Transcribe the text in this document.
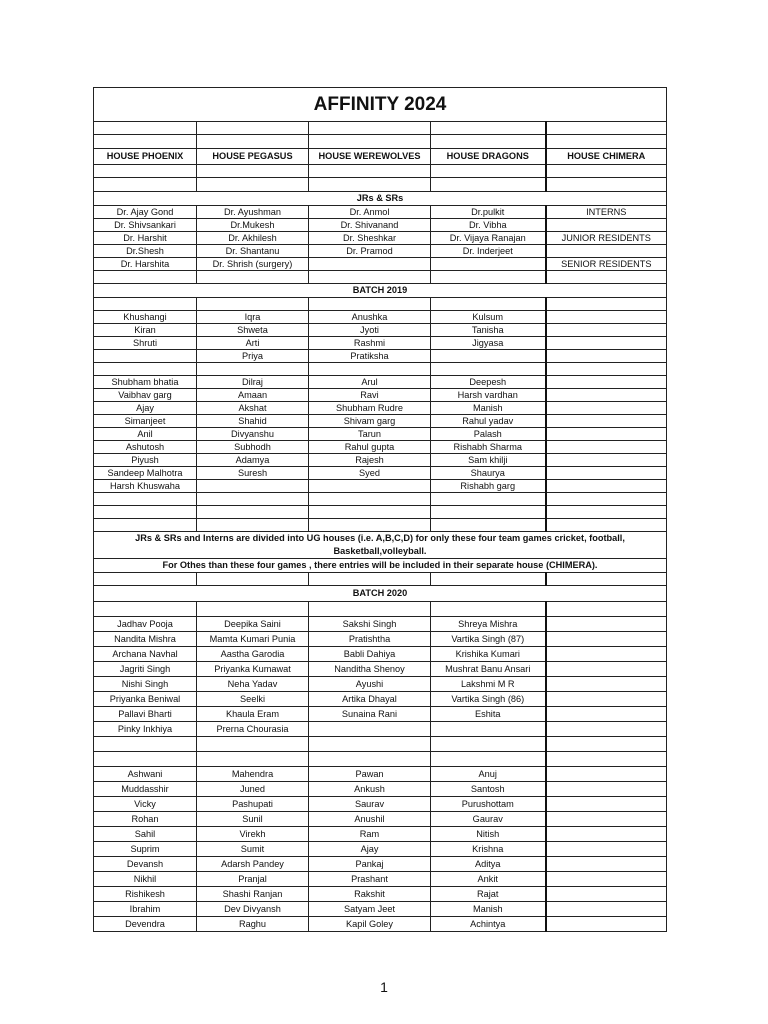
AFFINITY 2024				

HOUSE PHOENIX	HOUSE PEGASUS	HOUSE WEREWOLVES	HOUSE DRAGONS	HOUSE CHIMERA

JRs & SRs				
Dr. Ajay Gond	Dr. Ayushman	Dr. Anmol	Dr.pulkit	INTERNS
Dr. Shivsankari	Dr.Mukesh	Dr. Shivanand	Dr. Vibha	
Dr. Harshit	Dr. Akhilesh	Dr. Sheshkar	Dr. Vijaya Ranajan	JUNIOR RESIDENTS
Dr.Shesh	Dr. Shantanu	Dr. Pramod	Dr. Inderjeet	
Dr. Harshita	Dr. Shrish (surgery)			SENIOR RESIDENTS

BATCH 2019				

Khushangi	Iqra	Anushka	Kulsum	
Kiran	Shweta	Jyoti	Tanisha	
Shruti	Arti	Rashmi	Jigyasa	
	Priya	Pratiksha		

Shubham bhatia	Dilraj	Arul	Deepesh	
Vaibhav garg	Amaan	Ravi	Harsh vardhan	
Ajay	Akshat	Shubham Rudre	Manish	
Simanjeet	Shahid	Shivam garg	Rahul yadav	
Anil	Divyanshu	Tarun	Palash	
Ashutosh	Subhodh	Rahul gupta	Rishabh Sharma	
Piyush	Adamya	Rajesh	Sam khilji	
Sandeep Malhotra	Suresh	Syed	Shaurya	
Harsh Khuswaha			Rishabh garg	

JRs & SRs and Interns are divided into UG houses (i.e. A,B,C,D) for only these four team games cricket, football, Basketball,volleyball.				
For Othes than these four games , there entries will be included in their separate house (CHIMERA).				

BATCH 2020				

Jadhav Pooja	Deepika Saini	Sakshi Singh	Shreya Mishra	
Nandita Mishra	Mamta Kumari Punia	Pratishtha	Vartika Singh (87)	
Archana Navhal	Aastha Garodia	Babli Dahiya	Krishika Kumari	
Jagriti Singh	Priyanka Kumawat	Nanditha Shenoy	Mushrat Banu Ansari	
Nishi Singh	Neha Yadav	Ayushi	Lakshmi M R	
Priyanka Beniwal	Seelki	Artika Dhayal	Vartika Singh (86)	
Pallavi Bharti	Khaula Eram	Sunaina Rani	Eshita	
Pinky Inkhiya	Prerna Chourasia			

Ashwani	Mahendra	Pawan	Anuj	
Muddasshir	Juned	Ankush	Santosh	
Vicky	Pashupati	Saurav	Purushottam	
Rohan	Sunil	Anushil	Gaurav	
Sahil	Virekh	Ram	Nitish	
Suprim	Sumit	Ajay	Krishna	
Devansh	Adarsh Pandey	Pankaj	Aditya	
Nikhil	Pranjal	Prashant	Ankit	
Rishikesh	Shashi Ranjan	Rakshit	Rajat	
Ibrahim	Dev Divyansh	Satyam Jeet	Manish	
Devendra	Raghu	Kapil Goley	Achintya	
1
